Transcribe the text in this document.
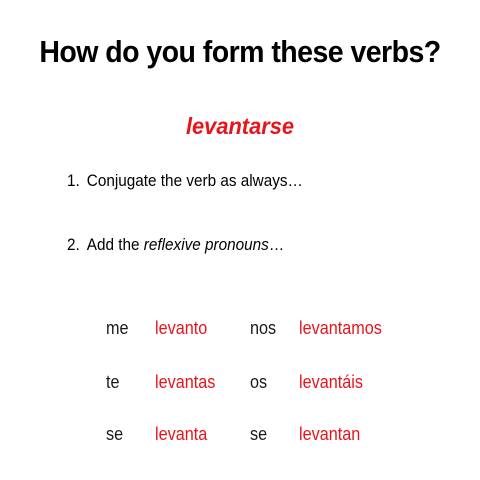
How do you form these verbs?
levantarse
1. Conjugate the verb as always…
2. Add the reflexive pronouns…
me levanto nos levantamos
te levantas os levantáis
se levanta se levantan
